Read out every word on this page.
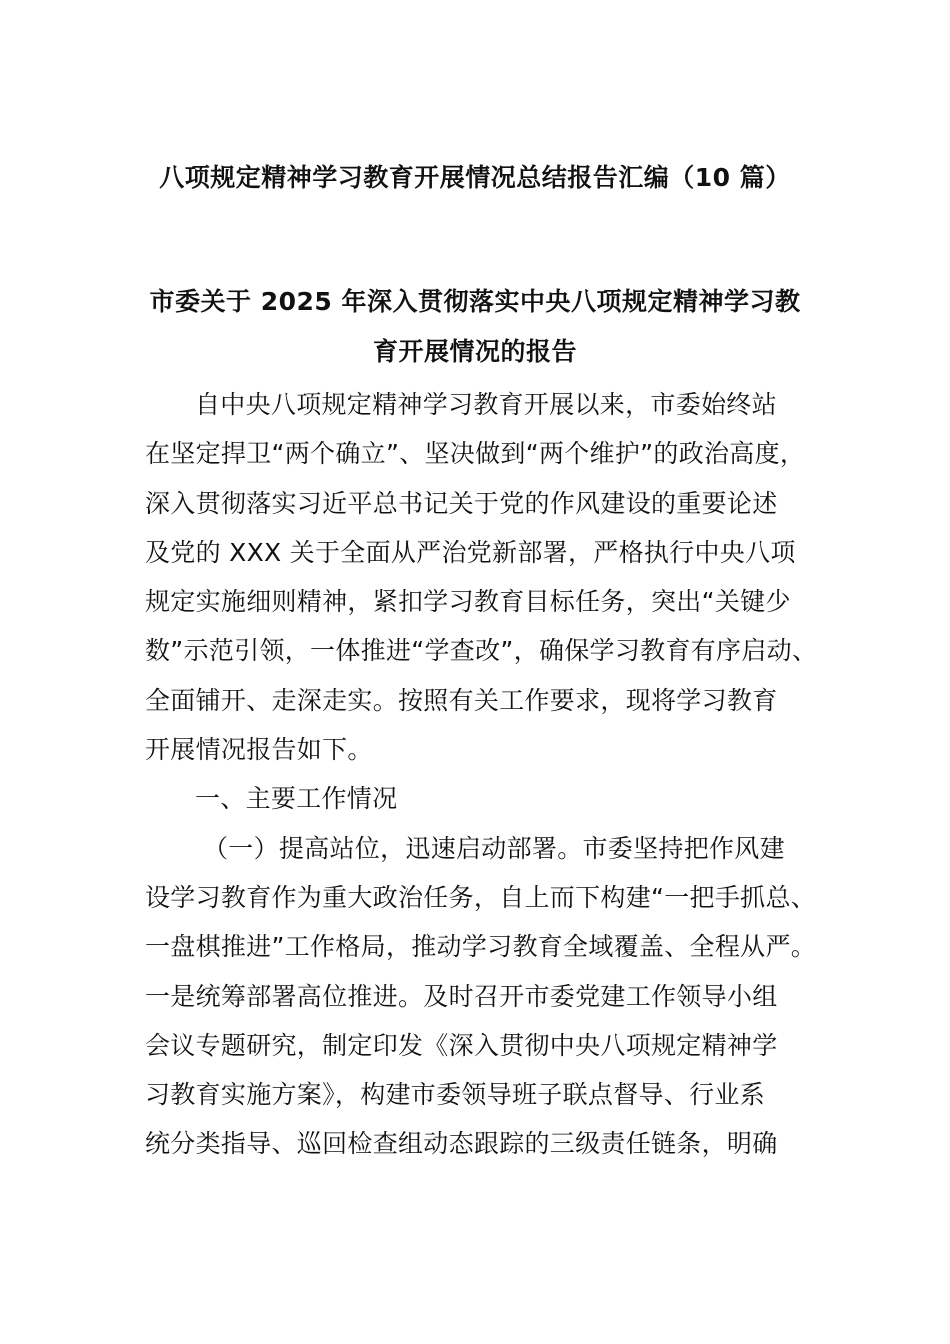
八项规定精神学习教育开展情况总结报告汇编（10 篇）
市委关于 2025 年深入贯彻落实中央八项规定精神学习教
育开展情况的报告
自中央八项规定精神学习教育开展以来，市委始终站
在坚定捍卫“两个确立”、坚决做到“两个维护”的政治高度，
深入贯彻落实习近平总书记关于党的作风建设的重要论述
及党的 XXX 关于全面从严治党新部署，严格执行中央八项
规定实施细则精神，紧扣学习教育目标任务，突出“关键少
数”示范引领，一体推进“学查改”，确保学习教育有序启动、
全面铺开、走深走实。按照有关工作要求，现将学习教育
开展情况报告如下。
一、主要工作情况
（一）提高站位，迅速启动部署。市委坚持把作风建
设学习教育作为重大政治任务，自上而下构建“一把手抓总、
一盘棋推进”工作格局，推动学习教育全域覆盖、全程从严。
一是统筹部署高位推进。及时召开市委党建工作领导小组
会议专题研究，制定印发《深入贯彻中央八项规定精神学
习教育实施方案》，构建市委领导班子联点督导、行业系
统分类指导、巡回检查组动态跟踪的三级责任链条，明确
